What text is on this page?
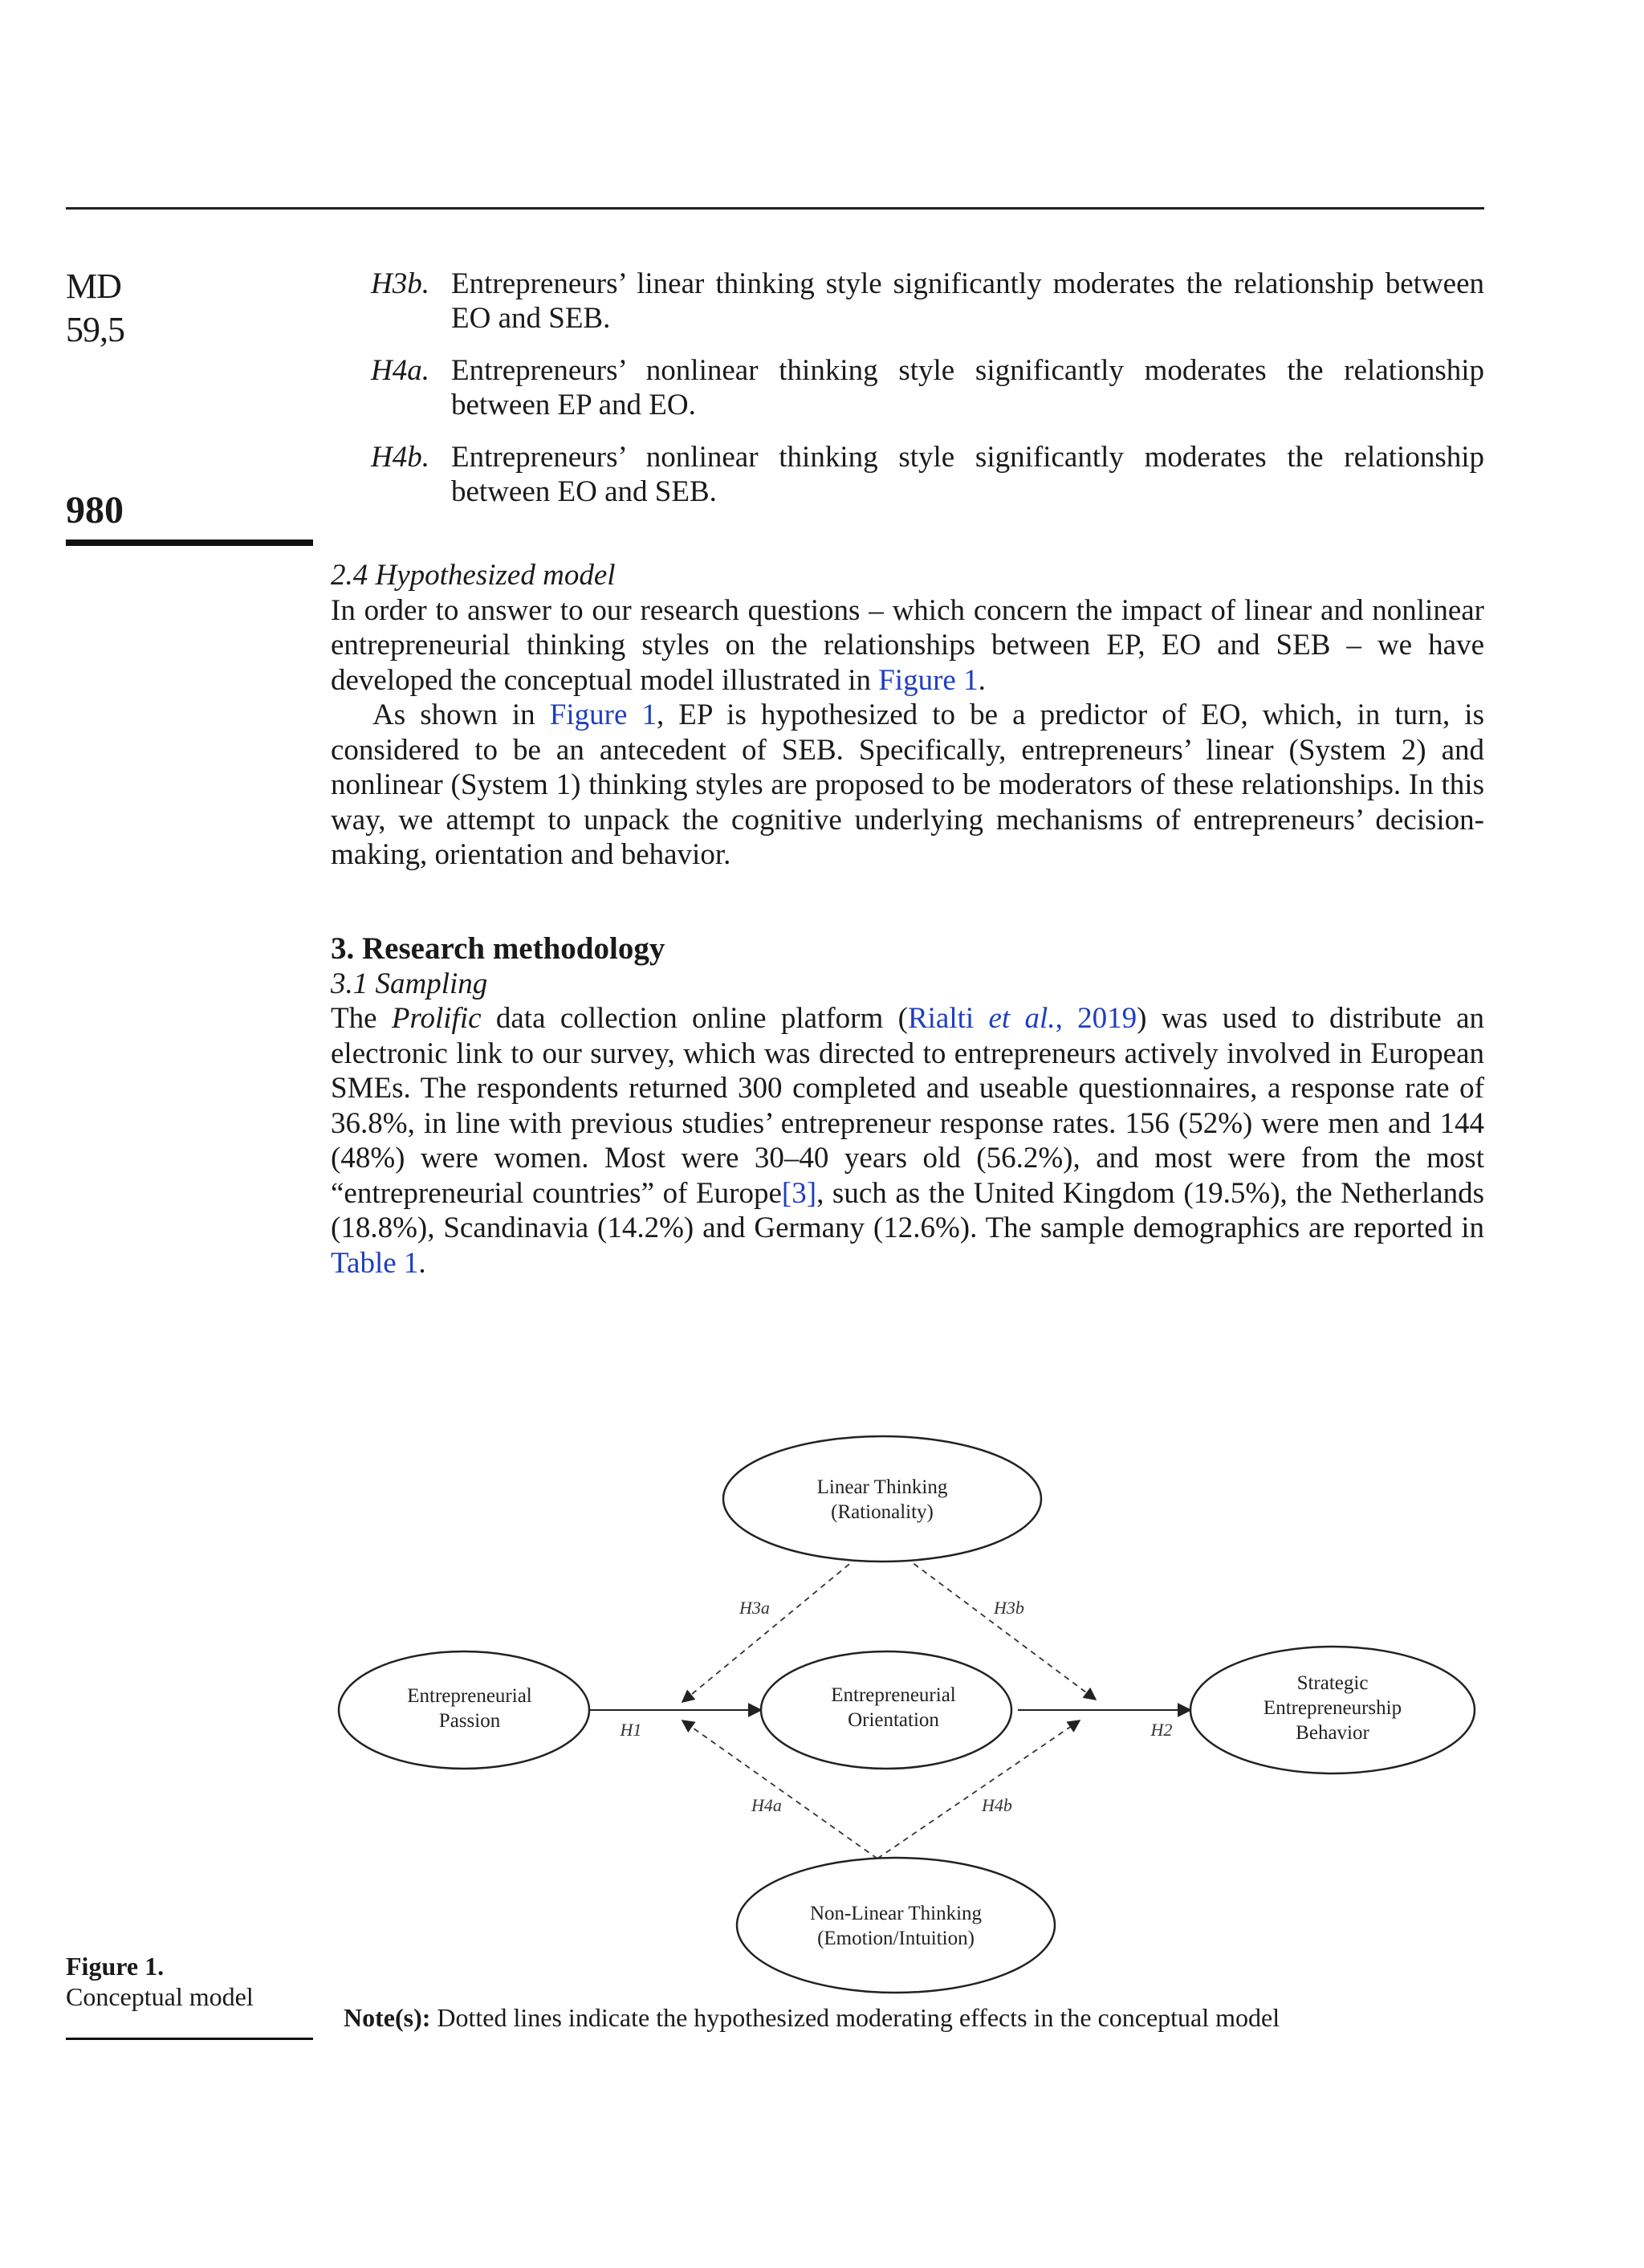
MD
59,5
980
H3b. Entrepreneurs’ linear thinking style significantly moderates the relationship between EO and SEB.
H4a. Entrepreneurs’ nonlinear thinking style significantly moderates the relationship between EP and EO.
H4b. Entrepreneurs’ nonlinear thinking style significantly moderates the relationship between EO and SEB.

2.4 Hypothesized model

In order to answer to our research questions – which concern the impact of linear and nonlinear entrepreneurial thinking styles on the relationships between EP, EO and SEB – we have developed the conceptual model illustrated in Figure 1.

As shown in Figure 1, EP is hypothesized to be a predictor of EO, which, in turn, is considered to be an antecedent of SEB. Specifically, entrepreneurs’ linear (System 2) and nonlinear (System 1) thinking styles are proposed to be moderators of these relationships. In this way, we attempt to unpack the cognitive underlying mechanisms of entrepreneurs’ decision-making, orientation and behavior.

3. Research methodology

3.1 Sampling

The Prolific data collection online platform (Rialti et al., 2019) was used to distribute an electronic link to our survey, which was directed to entrepreneurs actively involved in European SMEs. The respondents returned 300 completed and useable questionnaires, a response rate of 36.8%, in line with previous studies’ entrepreneur response rates. 156 (52%) were men and 144 (48%) were women. Most were 30–40 years old (56.2%), and most were from the most “entrepreneurial countries” of Europe[3], such as the United Kingdom (19.5%), the Netherlands (18.8%), Scandinavia (14.2%) and Germany (12.6%). The sample demographics are reported in Table 1.

Linear Thinking
(Rationality)
Entrepreneurial
Passion
Entrepreneurial
Orientation
Strategic
Entrepreneurship
Behavior
Non-Linear Thinking
(Emotion/Intuition)
H1	H2
H3a	H3b
H4a	H4b
Note(s): Dotted lines indicate the hypothesized moderating effects in the conceptual model
Figure 1.
Conceptual model
